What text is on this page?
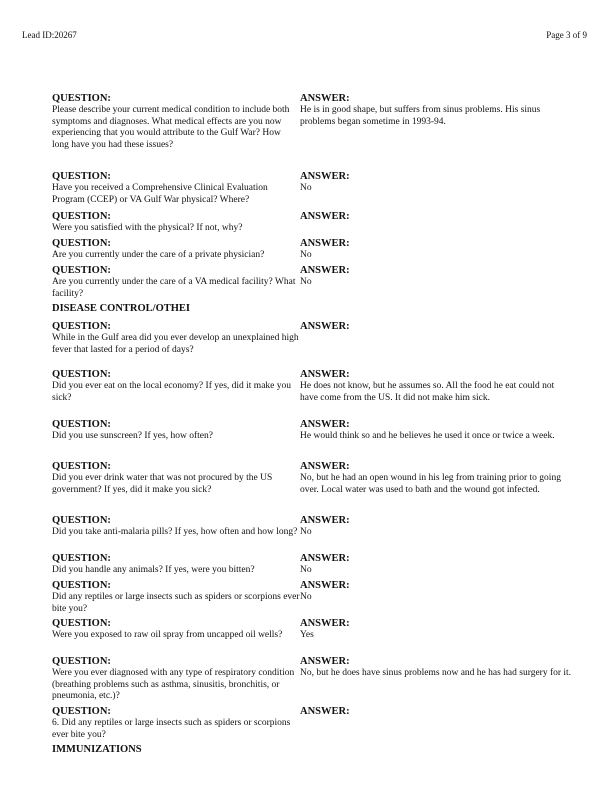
Lead ID:20267	Page 3 of 9
QUESTION:
Please describe your current medical condition to include both symptoms and diagnoses. What medical effects are you now experiencing that you would attribute to the Gulf War? How long have you had these issues?
ANSWER:
He is in good shape, but suffers from sinus problems. His sinus problems began sometime in 1993-94.
QUESTION:
Have you received a Comprehensive Clinical Evaluation Program (CCEP) or VA Gulf War physical? Where?
ANSWER:
No
QUESTION:
Were you satisfied with the physical? If not, why?
ANSWER:
QUESTION:
Are you currently under the care of a private physician?
ANSWER:
No
QUESTION:
Are you currently under the care of a VA medical facility? What facility?
ANSWER:
No
DISEASE CONTROL/OTHEI
QUESTION:
While in the Gulf area did you ever develop an unexplained high fever that lasted for a period of days?
ANSWER:
QUESTION:
Did you ever eat on the local economy? If yes, did it make you sick?
ANSWER:
He does not know, but he assumes so. All the food he eat could not have come from the US. It did not make him sick.
QUESTION:
Did you use sunscreen? If yes, how often?
ANSWER:
He would think so and he believes he used it once or twice a week.
QUESTION:
Did you ever drink water that was not procured by the US government? If yes, did it make you sick?
ANSWER:
No, but he had an open wound in his leg from training prior to going over. Local water was used to bath and the wound got infected.
QUESTION:
Did you take anti-malaria pills? If yes, how often and how long?
ANSWER:
No
QUESTION:
Did you handle any animals? If yes, were you bitten?
ANSWER:
No
QUESTION:
Did any reptiles or large insects such as spiders or scorpions ever bite you?
ANSWER:
No
QUESTION:
Were you exposed to raw oil spray from uncapped oil wells?
ANSWER:
Yes
QUESTION:
Were you ever diagnosed with any type of respiratory condition (breathing problems such as asthma, sinusitis, bronchitis, or pneumonia, etc.)?
ANSWER:
No, but he does have sinus problems now and he has had surgery for it.
QUESTION:
6. Did any reptiles or large insects such as spiders or scorpions ever bite you?
ANSWER:
IMMUNIZATIONS
